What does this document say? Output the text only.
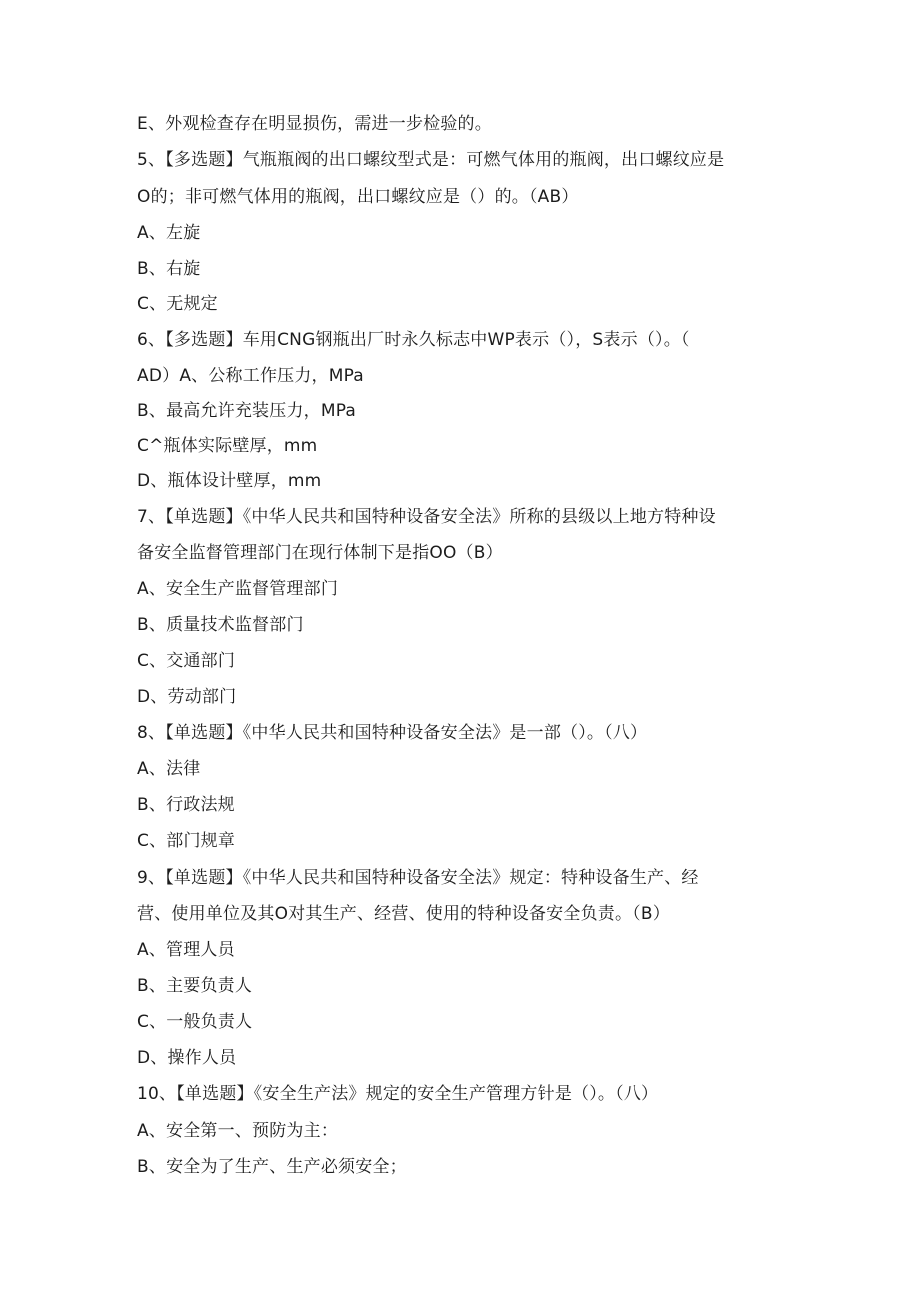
E、外观检查存在明显损伤，需进一步检验的。

5、【多选题】气瓶瓶阀的出口螺纹型式是：可燃气体用的瓶阀，出口螺纹应是

O的；非可燃气体用的瓶阀，出口螺纹应是（）的。（AB）

A、左旋

B、右旋

C、无规定

6、【多选题】车用CNG钢瓶出厂时永久标志中WP表示（），S表示（）。（

AD）A、公称工作压力，MPa

B、最高允许充装压力，MPa

C^瓶体实际壁厚，mm

D、瓶体设计壁厚，mm

7、【单选题】《中华人民共和国特种设备安全法》所称的县级以上地方特种设

备安全监督管理部门在现行体制下是指OO（B）

A、安全生产监督管理部门

B、质量技术监督部门

C、交通部门

D、劳动部门

8、【单选题】《中华人民共和国特种设备安全法》是一部（）。（八）

A、法律

B、行政法规

C、部门规章

9、【单选题】《中华人民共和国特种设备安全法》规定：特种设备生产、经

营、使用单位及其O对其生产、经营、使用的特种设备安全负责。（B）

A、管理人员

B、主要负责人

C、一般负责人

D、操作人员

10、【单选题】《安全生产法》规定的安全生产管理方针是（）。（八）

A、安全第一、预防为主：

B、安全为了生产、生产必须安全；
